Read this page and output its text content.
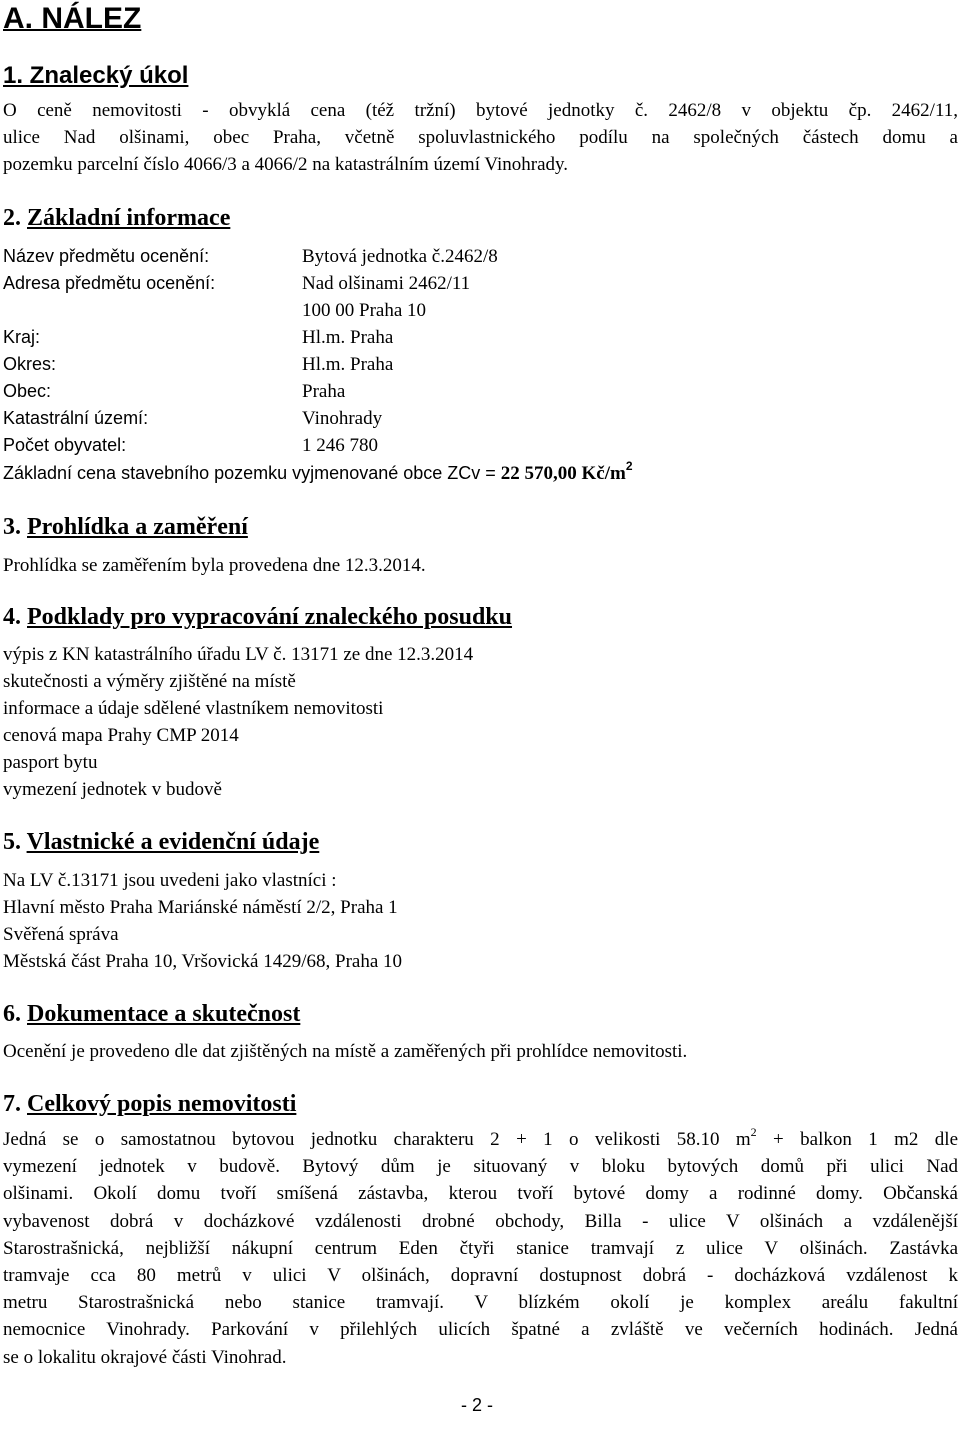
A. NÁLEZ
1. Znalecký úkol
O ceně nemovitosti - obvyklá cena (též tržní) bytové jednotky č. 2462/8 v objektu čp. 2462/11,
ulice Nad olšinami, obec Praha, včetně spoluvlastnického podílu na společných částech domu a
pozemku parcelní číslo 4066/3 a 4066/2 na katastrálním území Vinohrady.
2. Základní informace
Název předmětu ocenění:	Bytová jednotka č.2462/8
Adresa předmětu ocenění:	Nad olšinami 2462/11
100 00 Praha 10
Kraj:	Hl.m. Praha
Okres:	Hl.m. Praha
Obec:	Praha
Katastrální území:	Vinohrady
Počet obyvatel:	1 246 780
Základní cena stavebního pozemku vyjmenované obce ZCv = 22 570,00 $Kč/m^2$
3. Prohlídka a zaměření
Prohlídka se zaměřením byla provedena dne 12.3.2014.
4. Podklady pro vypracování znaleckého posudku
výpis z KN katastrálního úřadu LV č. 13171 ze dne 12.3.2014
skutečnosti a výměry zjištěné na místě
informace a údaje sdělené vlastníkem nemovitosti
cenová mapa Prahy CMP 2014
pasport bytu
vymezení jednotek v budově
5. Vlastnické a evidenční údaje
Na LV č.13171 jsou uvedeni jako vlastníci :
Hlavní město Praha Mariánské náměstí 2/2, Praha 1
Svěřená správa
Městská část Praha 10, Vršovická 1429/68, Praha 10
6. Dokumentace a skutečnost
Ocenění je provedeno dle dat zjištěných na místě a zaměřených při prohlídce nemovitosti.
7. Celkový popis nemovitosti
Jedná se o samostatnou bytovou jednotku charakteru 2 + 1 o velikosti 58.10 $m^2$ + balkon 1 m2 dle
vymezení jednotek v budově. Bytový dům je situovaný v bloku bytových domů při ulici Nad
olšinami. Okolí domu tvoří smíšená zástavba, kterou tvoří bytové domy a rodinné domy. Občanská
vybavenost dobrá v docházkové vzdálenosti drobné obchody, Billa - ulice V olšinách a vzdálenější
Starostrašnická, nejbližší nákupní centrum Eden čtyři stanice tramvají z ulice V olšinách. Zastávka
tramvaje cca 80 metrů v ulici V olšinách, dopravní dostupnost dobrá - docházková vzdálenost k
metru Starostrašnická nebo stanice tramvají. V blízkém okolí je komplex areálu fakultní
nemocnice Vinohrady. Parkování v přilehlých ulicích špatné a zvláště ve večerních hodinách. Jedná
se o lokalitu okrajové části Vinohrad.
- 2 -
